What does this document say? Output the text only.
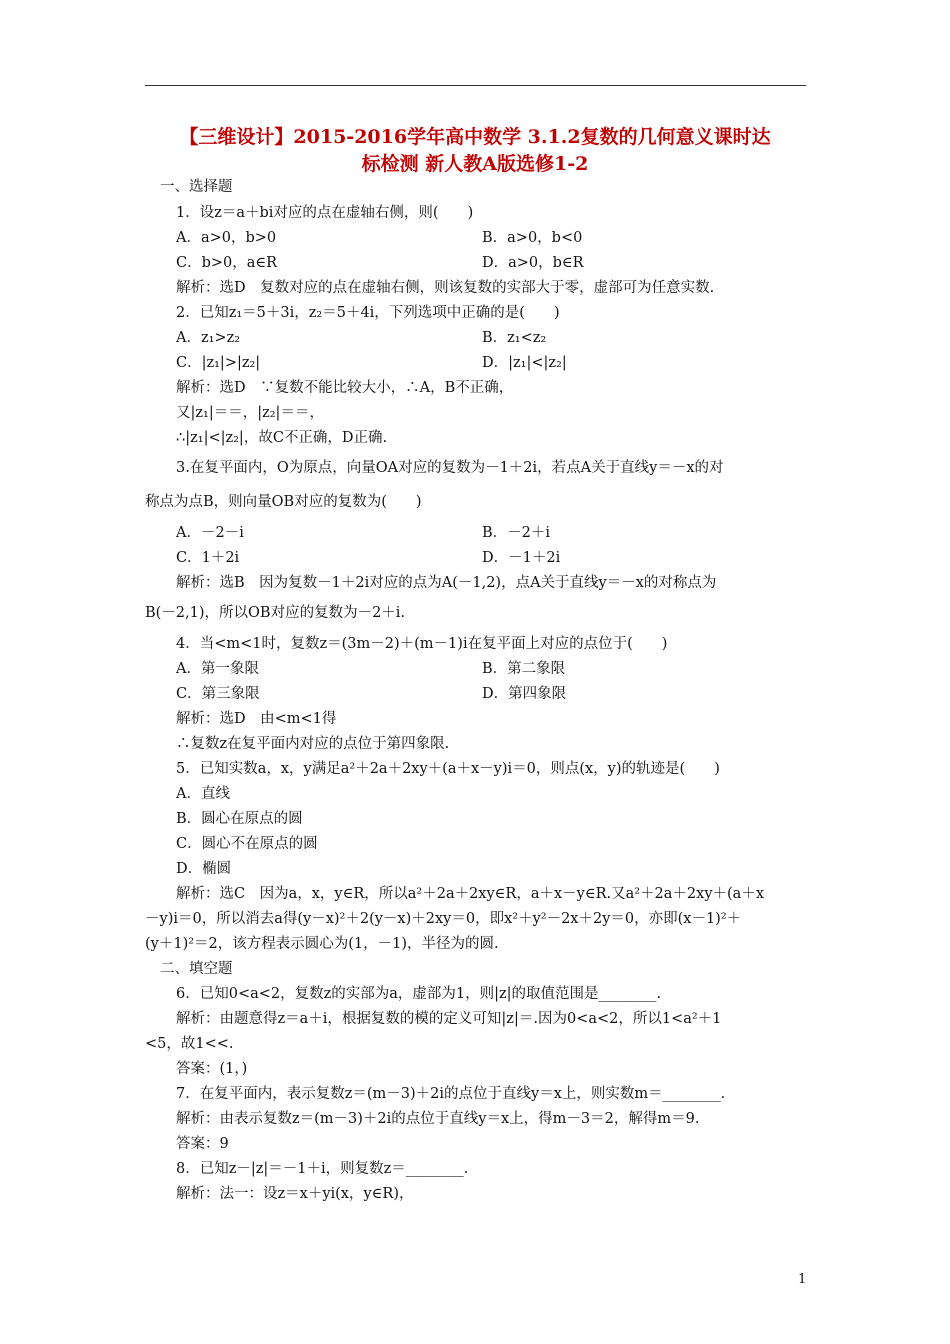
【三维设计】2015-2016学年高中数学 3.1.2复数的几何意义课时达
标检测 新人教A版选修1-2
一、选择题
1．设z＝a＋bi对应的点在虚轴右侧，则(　　)
A．a>0，b>0	B．a>0，b<0
C．b>0，a∈R	D．a>0，b∈R
解析：选D　复数对应的点在虚轴右侧，则该复数的实部大于零，虚部可为任意实数.
2．已知z₁＝5＋3i，z₂＝5＋4i，下列选项中正确的是(　　)
A．z₁>z₂	B．z₁<z₂
C．|z₁|>|z₂|	D．|z₁|<|z₂|
解析：选D　∵复数不能比较大小，∴A，B不正确，
又|z₁|＝＝，|z₂|＝＝，
∴|z₁|<|z₂|，故C不正确，D正确.
3.在复平面内，O为原点，向量OA对应的复数为－1＋2i，若点A关于直线y＝－x的对
称点为点B，则向量OB对应的复数为(　　)
A．－2－i	B．－2＋i
C．1＋2i	D．－1＋2i
解析：选B　因为复数－1＋2i对应的点为A(－1,2)，点A关于直线y＝－x的对称点为
B(－2,1)，所以OB对应的复数为－2＋i.
4．当<m<1时，复数z＝(3m－2)＋(m－1)i在复平面上对应的点位于(　　)
A．第一象限	B．第二象限
C．第三象限	D．第四象限
解析：选D　由<m<1得
∴复数z在复平面内对应的点位于第四象限.
5．已知实数a，x，y满足a²＋2a＋2xy＋(a＋x－y)i＝0，则点(x，y)的轨迹是(　　)
A．直线
B．圆心在原点的圆
C．圆心不在原点的圆
D．椭圆
解析：选C　因为a，x，y∈R，所以a²＋2a＋2xy∈R，a＋x－y∈R.又a²＋2a＋2xy＋(a＋x
－y)i＝0，所以消去a得(y－x)²＋2(y－x)＋2xy＝0，即x²＋y²－2x＋2y＝0，亦即(x－1)²＋
(y＋1)²＝2，该方程表示圆心为(1，－1)，半径为的圆.
二、填空题
6．已知0<a<2，复数z的实部为a，虚部为1，则|z|的取值范围是________.
解析：由题意得z＝a＋i，根据复数的模的定义可知|z|＝.因为0<a<2，所以1<a²＋1
<5，故1<<.
答案：(1，)
7．在复平面内，表示复数z＝(m－3)＋2i的点位于直线y＝x上，则实数m＝________.
解析：由表示复数z＝(m－3)＋2i的点位于直线y＝x上，得m－3＝2，解得m＝9.
答案：9
8．已知z－|z|＝－1＋i，则复数z＝________.
解析：法一：设z＝x＋yi(x，y∈R)，
1
